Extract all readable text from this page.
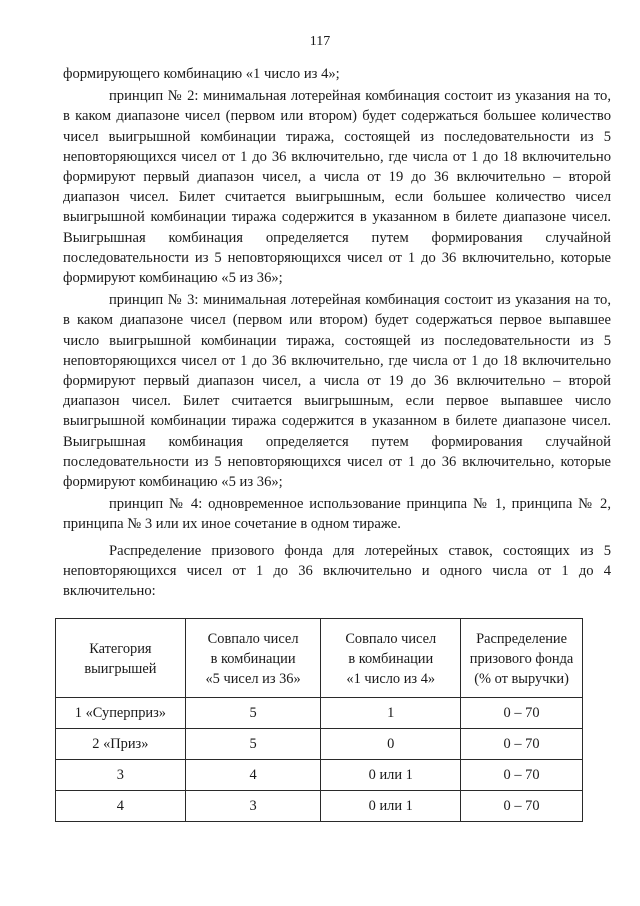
117

формирующего комбинацию «1 число из 4»;

принцип № 2: минимальная лотерейная комбинация состоит из указания на то, в каком диапазоне чисел (первом или втором) будет содержаться большее количество чисел выигрышной комбинации тиража, состоящей из последовательности из 5 неповторяющихся чисел от 1 до 36 включительно, где числа от 1 до 18 включительно формируют первый диапазон чисел, а числа от 19 до 36 включительно – второй диапазон чисел. Билет считается выигрышным, если большее количество чисел выигрышной комбинации тиража содержится в указанном в билете диапазоне чисел. Выигрышная комбинация определяется путем формирования случайной последовательности из 5 неповторяющихся чисел от 1 до 36 включительно, которые формируют комбинацию «5 из 36»;

принцип № 3: минимальная лотерейная комбинация состоит из указания на то, в каком диапазоне чисел (первом или втором) будет содержаться первое выпавшее число выигрышной комбинации тиража, состоящей из последовательности из 5 неповторяющихся чисел от 1 до 36 включительно, где числа от 1 до 18 включительно формируют первый диапазон чисел, а числа от 19 до 36 включительно – второй диапазон чисел. Билет считается выигрышным, если первое выпавшее число выигрышной комбинации тиража содержится в указанном в билете диапазоне чисел. Выигрышная комбинация определяется путем формирования случайной последовательности из 5 неповторяющихся чисел от 1 до 36 включительно, которые формируют комбинацию «5 из 36»;

принцип № 4: одновременное использование принципа № 1, принципа № 2, принципа № 3 или их иное сочетание в одном тираже.

Распределение призового фонда для лотерейных ставок, состоящих из 5 неповторяющихся чисел от 1 до 36 включительно и одного числа от 1 до 4 включительно:

Категория
выигрышей	Совпало чисел
в комбинации
«5 чисел из 36»	Совпало чисел
в комбинации
«1 число из 4»	Распределение
призового фонда
(% от выручки)

1 «Суперприз»	5	1	0 – 70
2 «Приз»	5	0	0 – 70
3	4	0 или 1	0 – 70
4	3	0 или 1	0 – 70
